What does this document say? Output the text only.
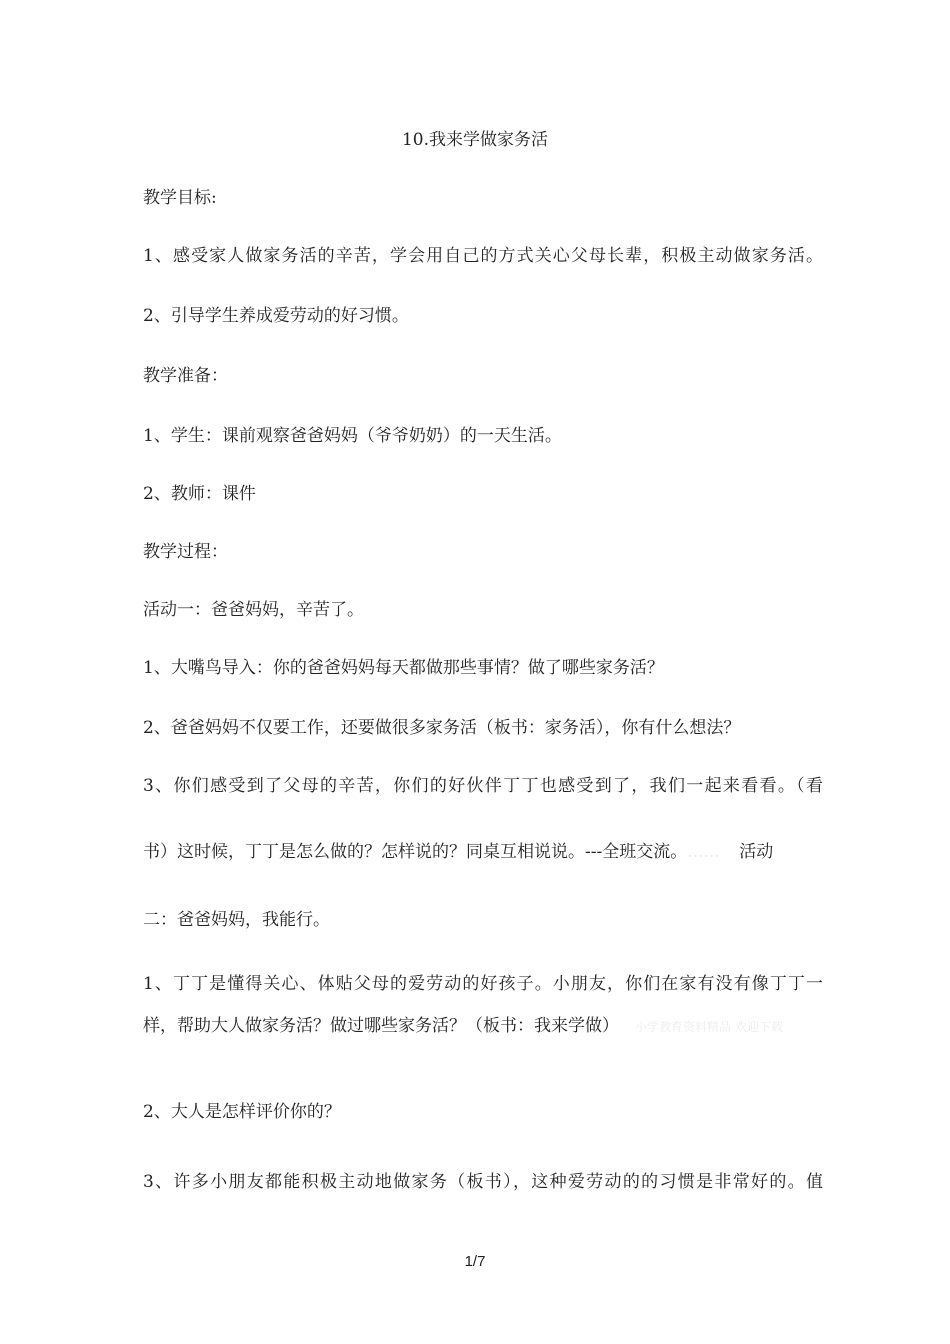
10.我来学做家务活
教学目标:
1、感受家人做家务活的辛苦，学会用自己的方式关心父母长辈，积极主动做家务活。
2、引导学生养成爱劳动的好习惯。
教学准备：
1、学生：课前观察爸爸妈妈（爷爷奶奶）的一天生活。
2、教师：课件
教学过程：
活动一：爸爸妈妈，辛苦了。
1、大嘴鸟导入：你的爸爸妈妈每天都做那些事情？做了哪些家务活？
2、爸爸妈妈不仅要工作，还要做很多家务活（板书：家务活），你有什么想法？
3、你们感受到了父母的辛苦，你们的好伙伴丁丁也感受到了，我们一起来看看。（看
书）这时候，丁丁是怎么做的？怎样说的？同桌互相说说。---全班交流。...... 活动
二：爸爸妈妈，我能行。
1、丁丁是懂得关心、体贴父母的爱劳动的好孩子。小朋友，你们在家有没有像丁丁一
样，帮助大人做家务活？做过哪些家务活？（板书：我来学做） 小学教育资料精品 欢迎下载
2、大人是怎样评价你的？
3、许多小朋友都能积极主动地做家务（板书），这种爱劳动的的习惯是非常好的。值
1/7
